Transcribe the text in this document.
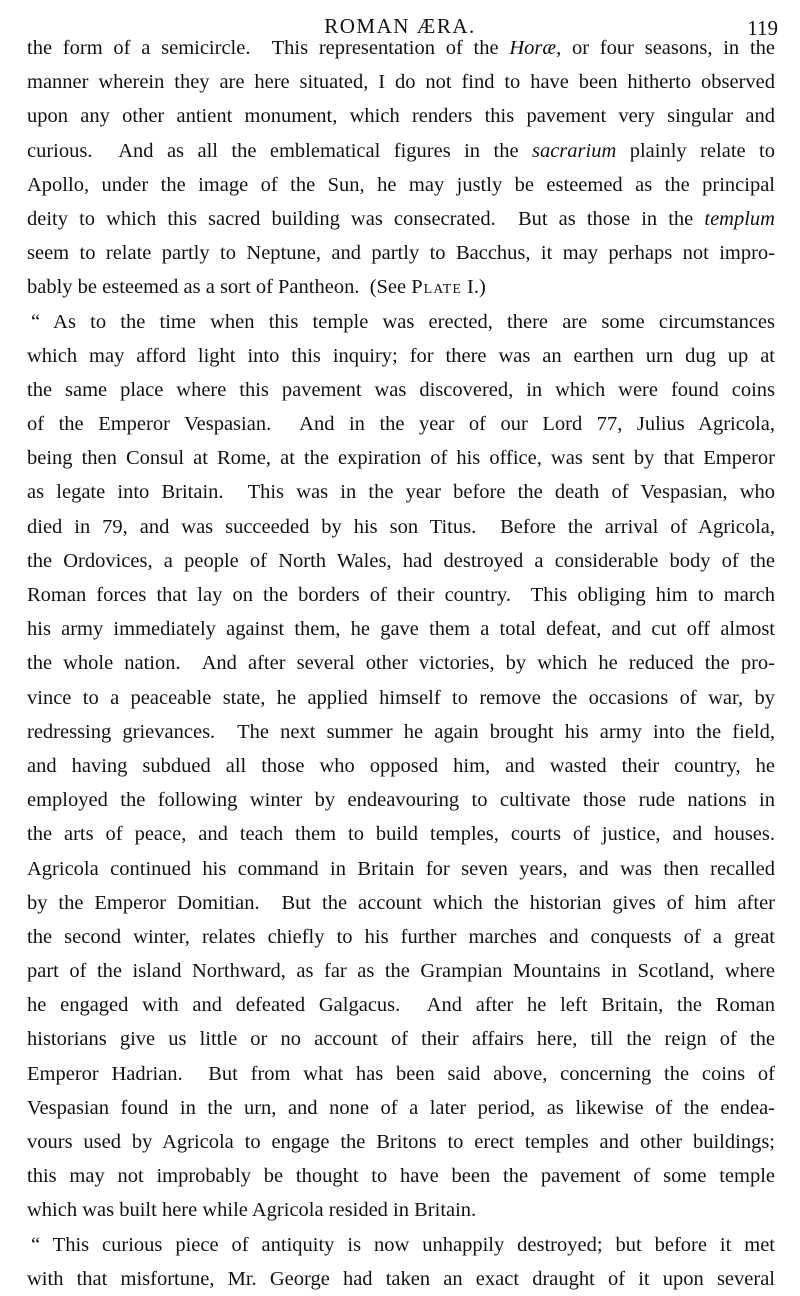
ROMAN ÆRA.	119
the form of a semicircle.  This representation of the Horæ, or four seasons, in the
manner wherein they are here situated, I do not find to have been hitherto observed
upon any other antient monument, which renders this pavement very singular and
curious.  And as all the emblematical figures in the sacrarium plainly relate to
Apollo, under the image of the Sun, he may justly be esteemed as the principal
deity to which this sacred building was consecrated.  But as those in the templum
seem to relate partly to Neptune, and partly to Bacchus, it may perhaps not impro-
bably be esteemed as a sort of Pantheon.  (See Plate I.)
“ As to the time when this temple was erected, there are some circumstances
which may afford light into this inquiry; for there was an earthen urn dug up at
the same place where this pavement was discovered, in which were found coins
of the Emperor Vespasian.  And in the year of our Lord 77, Julius Agricola,
being then Consul at Rome, at the expiration of his office, was sent by that Emperor
as legate into Britain.  This was in the year before the death of Vespasian, who
died in 79, and was succeeded by his son Titus.  Before the arrival of Agricola,
the Ordovices, a people of North Wales, had destroyed a considerable body of the
Roman forces that lay on the borders of their country.  This obliging him to march
his army immediately against them, he gave them a total defeat, and cut off almost
the whole nation.  And after several other victories, by which he reduced the pro-
vince to a peaceable state, he applied himself to remove the occasions of war, by
redressing grievances.  The next summer he again brought his army into the field,
and having subdued all those who opposed him, and wasted their country, he
employed the following winter by endeavouring to cultivate those rude nations in
the arts of peace, and teach them to build temples, courts of justice, and houses.
Agricola continued his command in Britain for seven years, and was then recalled
by the Emperor Domitian.  But the account which the historian gives of him after
the second winter, relates chiefly to his further marches and conquests of a great
part of the island Northward, as far as the Grampian Mountains in Scotland, where
he engaged with and defeated Galgacus.  And after he left Britain, the Roman
historians give us little or no account of their affairs here, till the reign of the
Emperor Hadrian.  But from what has been said above, concerning the coins of
Vespasian found in the urn, and none of a later period, as likewise of the endea-
vours used by Agricola to engage the Britons to erect temples and other buildings;
this may not improbably be thought to have been the pavement of some temple
which was built here while Agricola resided in Britain.
“ This curious piece of antiquity is now unhappily destroyed; but before it met
with that misfortune, Mr. George had taken an exact draught of it upon several
